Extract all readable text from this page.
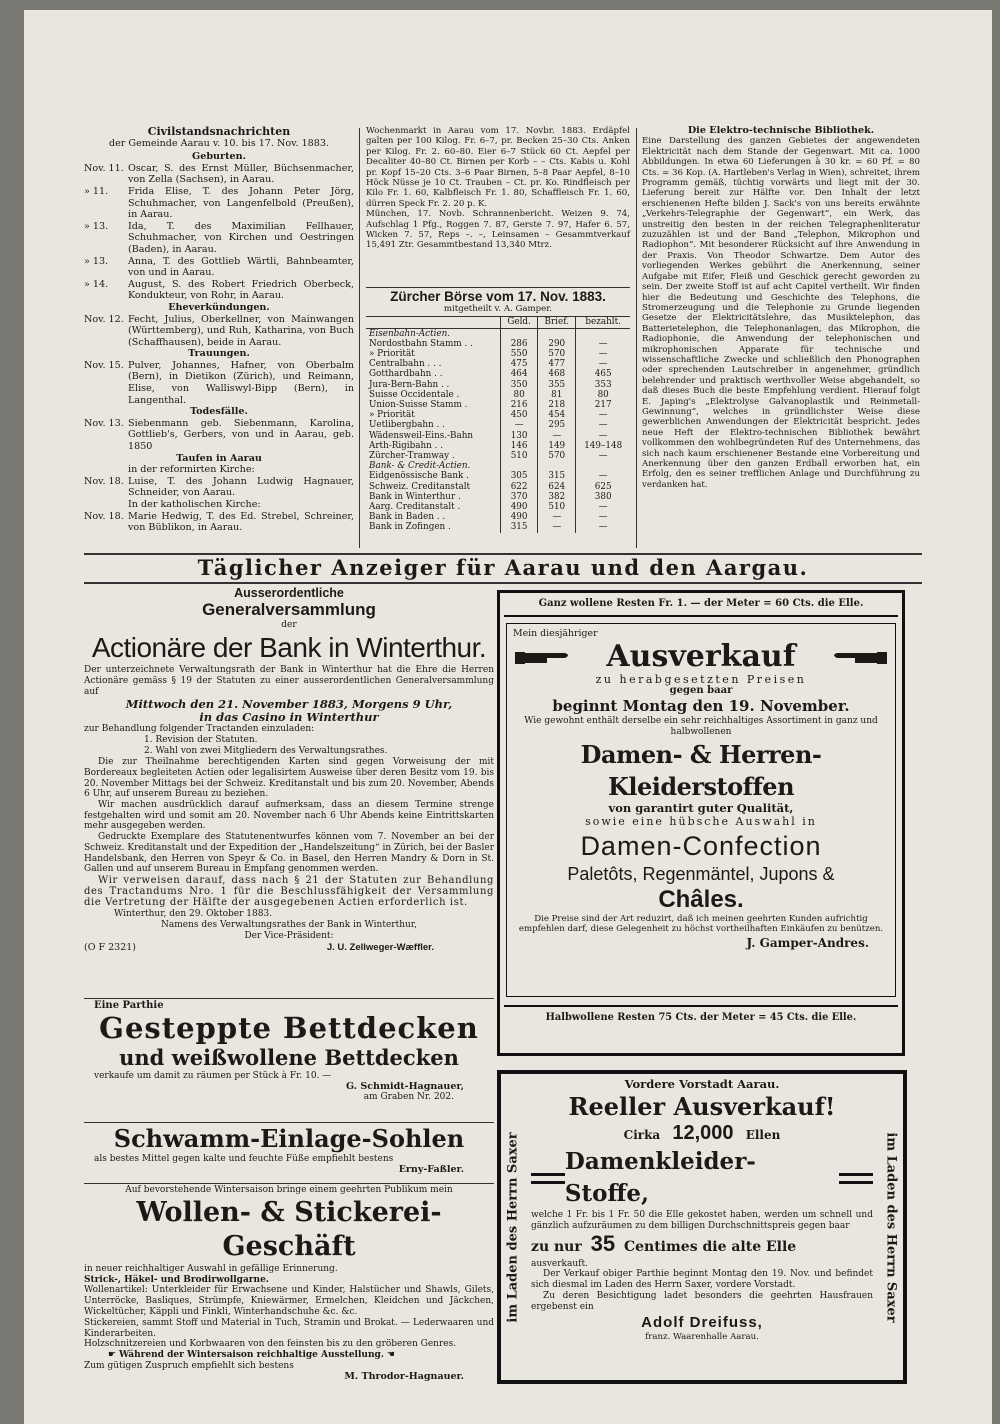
Civilstandsnachrichten
der Gemeinde Aarau v. 10. bis 17. Nov. 1883.
Geburten.
Nov. 11. Oscar, S. des Ernst Müller, Büchsenmacher, von Zella (Sachsen), in Aarau.
» 11.	Frida Elise, T. des Johann Peter Jörg, Schuhmacher, von Langenfelbold (Preußen), in Aarau.
» 13.	Ida, T. des Maximilian Fellhauer, Schuhmacher, von Kirchen und Oestringen (Baden), in Aarau.
» 13.	Anna, T. des Gottlieb Wärtli, Bahnbeamter, von und in Aarau.
» 14.	August, S. des Robert Friedrich Oberbeck, Kondukteur, von Rohr, in Aarau.
Eheverkündungen.
Nov. 12. Fecht, Julius, Oberkellner, von Mainwangen (Württemberg), und Ruh, Katharina, von Buch (Schaffhausen), beide in Aarau.
Trauungen.
Nov. 15. Pulver, Johannes, Hafner, von Oberbalm (Bern), in Dietikon (Zürich), und Reimann, Elise, von Walliswyl-Bipp (Bern), in Langenthal.
Todesfälle.
Nov. 13. Siebenmann geb. Siebenmann, Karolina, Gottlieb's, Gerbers, von und in Aarau, geb. 1850
Taufen in Aarau
in der reformirten Kirche:
Nov. 18. Luise, T. des Johann Ludwig Hagnauer, Schneider, von Aarau.
In der katholischen Kirche:
Nov. 18. Marie Hedwig, T. des Ed. Strebel, Schreiner, von Büblikon, in Aarau.

Wochenmarkt in Aarau vom 17. Novbr. 1883. Erdäpfel galten per 100 Kilog. Fr. 6–7, pr. Becken 25–30 Cts. Anken per Kilog. Fr. 2. 60–80. Eier 6–7 Stück 60 Ct. Aepfel per Decaliter 40–80 Ct. Birnen per Korb – – Cts. Kabis u. Kohl pr. Kopf 15–20 Cts. 3–6 Paar Birnen, 5–8 Paar Aepfel, 8–10 Höck Nüsse je 10 Ct. Trauben – Ct. pr. Ko. Rindfleisch per Kilo Fr. 1. 60, Kalbfleisch Fr. 1. 80, Schaffleisch Fr. 1. 60, dürren Speck Fr. 2. 20 p. K.

München, 17. Novb. Schrannenbericht. Weizen 9. 74, Aufschlag 1 Pfg., Roggen 7. 87, Gerste 7. 97, Hafer 6. 57, Wicken 7. 57, Reps –. –, Leinsamen – Gesammtverkauf 15,491 Ztr. Gesammtbestand 13,340 Mtrz.

Zürcher Börse vom 17. Nov. 1883.
mitgetheilt v. A. Gamper.
	Geld.	Brief.	bezahlt.
Eisenbahn-Actien.			
Nordostbahn Stamm . .	286	290	—
» Priorität	550	570	—
Centralbahn . . .	475	477	—
Gotthardbahn . .	464	468	465
Jura-Bern-Bahn . .	350	355	353
Suisse Occidentale .	80	81	80
Union-Suisse Stamm .	216	218	217
» Priorität	450	454	—
Uetlibergbahn . .	—	295	—
Wädensweil-Eins.-Bahn	130	—	—
Arth-Rigibahn . .	146	149	149–148
Zürcher-Tramway .	510	570	—
Bank- & Credit-Actien.			
Eidgenössische Bank .	305	315	—
Schweiz. Creditanstalt	622	624	625
Bank in Winterthur .	370	382	380
Aarg. Creditanstalt .	490	510	—
Bank in Baden . .	490	—	—
Bank in Zofingen .	315	—	—
Die Elektro-technische Bibliothek.

Eine Darstellung des ganzen Gebietes der angewendeten Elektricität nach dem Stande der Gegenwart. Mit ca. 1000 Abbildungen. In etwa 60 Lieferungen à 30 kr. = 60 Pf. = 80 Cts. = 36 Kop. (A. Hartleben's Verlag in Wien), schreitet, ihrem Programm gemäß, tüchtig vorwärts und liegt mit der 30. Lieferung bereit zur Hälfte vor. Den Inhalt der letzt erschienenen Hefte bilden J. Sack's von uns bereits erwähnte „Verkehrs-Telegraphie der Gegenwart“, ein Werk, das unstreitig den besten in der reichen Telegraphenliteratur zuzuzählen ist und der Band „Telephon, Mikrophon und Radiophon“. Mit besonderer Rücksicht auf ihre Anwendung in der Praxis. Von Theodor Schwartze. Dem Autor des vorliegenden Werkes gebührt die Anerkennung, seiner Aufgabe mit Eifer, Fleiß und Geschick gerecht geworden zu sein. Der zweite Stoff ist auf acht Capitel vertheilt. Wir finden hier die Bedeutung und Geschichte des Telephons, die Stromerzeugung und die Telephonie zu Grunde liegenden Gesetze der Elektricitätslehre, das Musiktelephon, das Batterietelephon, die Telephonanlagen, das Mikrophon, die Radiophonie, die Anwendung der telephonischen und mikrophonischen Apparate für technische und wissenschaftliche Zwecke und schließlich den Phonographen oder sprechenden Lautschreiber in angenehmer, gründlich belehrender und praktisch werthvoller Weise abgehandelt, so daß dieses Buch die beste Empfehlung verdient. Hierauf folgt E. Japing's „Elektrolyse Galvanoplastik und Reinmetall-Gewinnung“, welches in gründlichster Weise diese gewerblichen Anwendungen der Elektricität bespricht. Jedes neue Heft der Elektro-technischen Bibliothek bewährt vollkommen den wohlbegründeten Ruf des Unternehmens, das sich nach kaum erschienener Bestande eine Vorbereitung und Anerkennung über den ganzen Erdball erworben hat, ein Erfolg, den es seiner trefflichen Anlage und Durchführung zu verdanken hat.

Täglicher Anzeiger für Aarau und den Aargau.
Ausserordentliche
Generalversammlung
der
Actionäre der Bank in Winterthur.

Der unterzeichnete Verwaltungsrath der Bank in Winterthur hat die Ehre die Herren Actionäre gemäss § 19 der Statuten zu einer ausserordentlichen Generalversammlung auf

Mittwoch den 21. November 1883, Morgens 9 Uhr,
in das Casino in Winterthur

zur Behandlung folgender Tractanden einzuladen:

1. Revision der Statuten.

2. Wahl von zwei Mitgliedern des Verwaltungsrathes.

Die zur Theilnahme berechtigenden Karten sind gegen Vorweisung der mit Bordereaux begleiteten Actien oder legalisirtem Ausweise über deren Besitz vom 19. bis 20. November Mittags bei der Schweiz. Kreditanstalt und bis zum 20. November, Abends 6 Uhr, auf unserem Bureau zu beziehen.

Wir machen ausdrücklich darauf aufmerksam, dass an diesem Termine strenge festgehalten wird und somit am 20. November nach 6 Uhr Abends keine Eintrittskarten mehr ausgegeben werden.

Gedruckte Exemplare des Statutenentwurfes können vom 7. November an bei der Schweiz. Kreditanstalt und der Expedition der „Handelszeitung“ in Zürich, bei der Basler Handelsbank, den Herren von Speyr & Co. in Basel, den Herren Mandry & Dorn in St. Gallen und auf unserem Bureau in Empfang genommen werden.

Wir verweisen darauf, dass nach § 21 der Statuten zur Behandlung des Tractandums Nro. 1 für die Beschlussfähigkeit der Versammlung die Vertretung der Hälfte der ausgegebenen Actien erforderlich ist.

Winterthur, den 29. Oktober 1883.

Namens des Verwaltungsrathes der Bank in Winterthur,
Der Vice-Präsident:
(O F 2321)	J. U. Zellweger-Wæffler.
Eine Parthie
Gesteppte Bettdecken
und weißwollene Bettdecken
verkaufe um damit zu räumen per Stück à Fr. 10. —
G. Schmidt-Hagnauer,
am Graben Nr. 202.
Schwamm-Einlage-Sohlen
als bestes Mittel gegen kalte und feuchte Füße empfiehlt bestens
Erny-Faßler.
Auf bevorstehende Wintersaison bringe einem geehrten Publikum mein
Wollen- & Stickerei-Geschäft

in neuer reichhaltiger Auswahl in gefällige Erinnerung.

Strick-, Häkel- und Brodirwollgarne.

Wollenartikel: Unterkleider für Erwachsene und Kinder, Halstücher und Shawls, Gilets, Unterröcke, Basliques, Strümpfe, Kniewärmer, Ermelchen, Kleidchen und Jäckchen, Wickeltücher, Käppli und Finkli, Winterhandschuhe &c. &c.

Stickereien, sammt Stoff und Material in Tuch, Stramin und Brokat. — Lederwaaren und Kinderarbeiten.

Holzschnitzereien und Korbwaaren von den feinsten bis zu den gröberen Genres.

☛ Während der Wintersaison reichhaltige Ausstellung. ☚

Zum gütigen Zuspruch empfiehlt sich bestens

M. Throdor-Hagnauer.
Ganz wollene Resten Fr. 1. — der Meter = 60 Cts. die Elle.
Mein diesjähriger
Ausverkauf
zu herabgesetzten Preisen
gegen baar
beginnt Montag den 19. November.

Wie gewohnt enthält derselbe ein sehr reichhaltiges Assortiment in ganz und halbwollenen

Damen- & Herren-Kleiderstoffen
von garantirt guter Qualität,
sowie eine hübsche Auswahl in
Damen-Confection
Paletôts, Regenmäntel, Jupons &
Châles.

Die Preise sind der Art reduzirt, daß ich meinen geehrten Kunden aufrichtig empfehlen darf, diese Gelegenheit zu höchst vortheilhaften Einkäufen zu benützen.

J. Gamper-Andres.
Halbwollene Resten 75 Cts. der Meter = 45 Cts. die Elle.
im Laden des Herrn Saxer	im Laden des Herrn Saxer
Vordere Vorstadt Aarau.
Reeller Ausverkauf!
Cirka 12,000 Ellen
Damenkleider-Stoffe,

welche 1 Fr. bis 1 Fr. 50 die Elle gekostet haben, werden um schnell und gänzlich aufzuräumen zu dem billigen Durchschnittspreis gegen baar

zu nur 35 Centimes die alte Elle

ausverkauft.

Der Verkauf obiger Parthie beginnt Montag den 19. Nov. und befindet sich diesmal im Laden des Herrn Saxer, vordere Vorstadt.

Zu deren Besichtigung ladet besonders die geehrten Hausfrauen ergebenst ein

Adolf Dreifuss,
franz. Waarenhalle Aarau.
